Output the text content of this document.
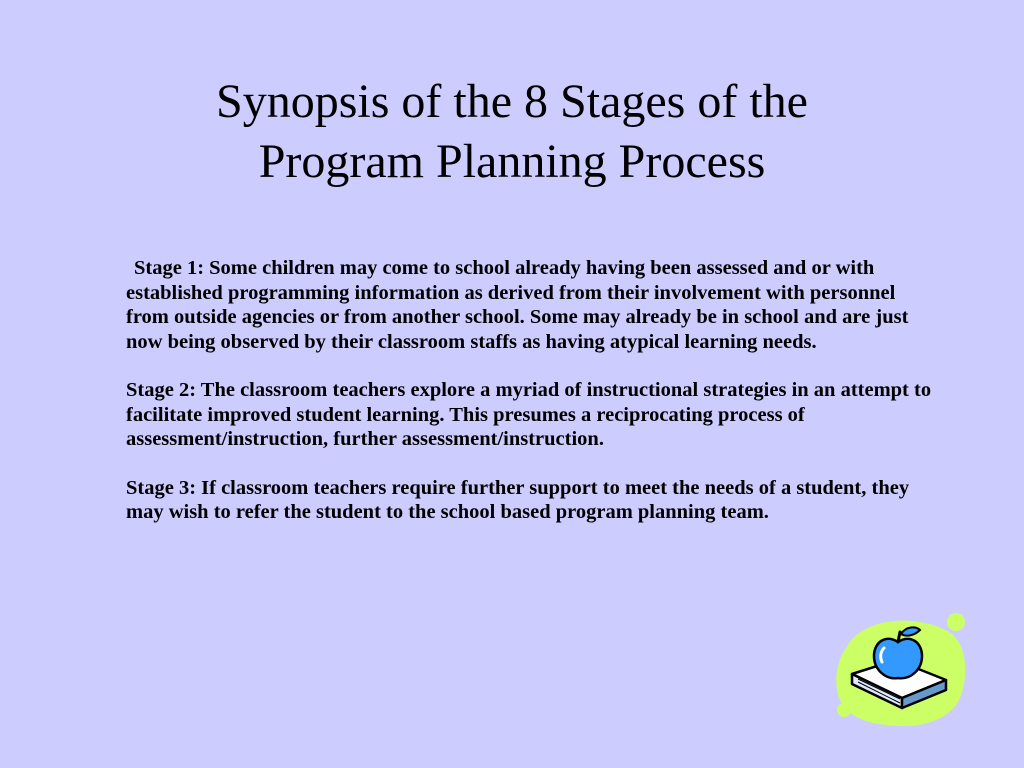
Synopsis of the 8 Stages of the
Program Planning Process

Stage 1: Some children may come to school already having been assessed and or with established programming information as derived from their involvement with personnel from outside agencies or from another school. Some may already be in school and are just now being observed by their classroom staffs as having atypical learning needs.

Stage 2: The classroom teachers explore a myriad of instructional strategies in an attempt to facilitate improved student learning. This presumes a reciprocating process of assessment/instruction, further assessment/instruction.

Stage 3: If classroom teachers require further support to meet the needs of a student, they may wish to refer the student to the school based program planning team.
